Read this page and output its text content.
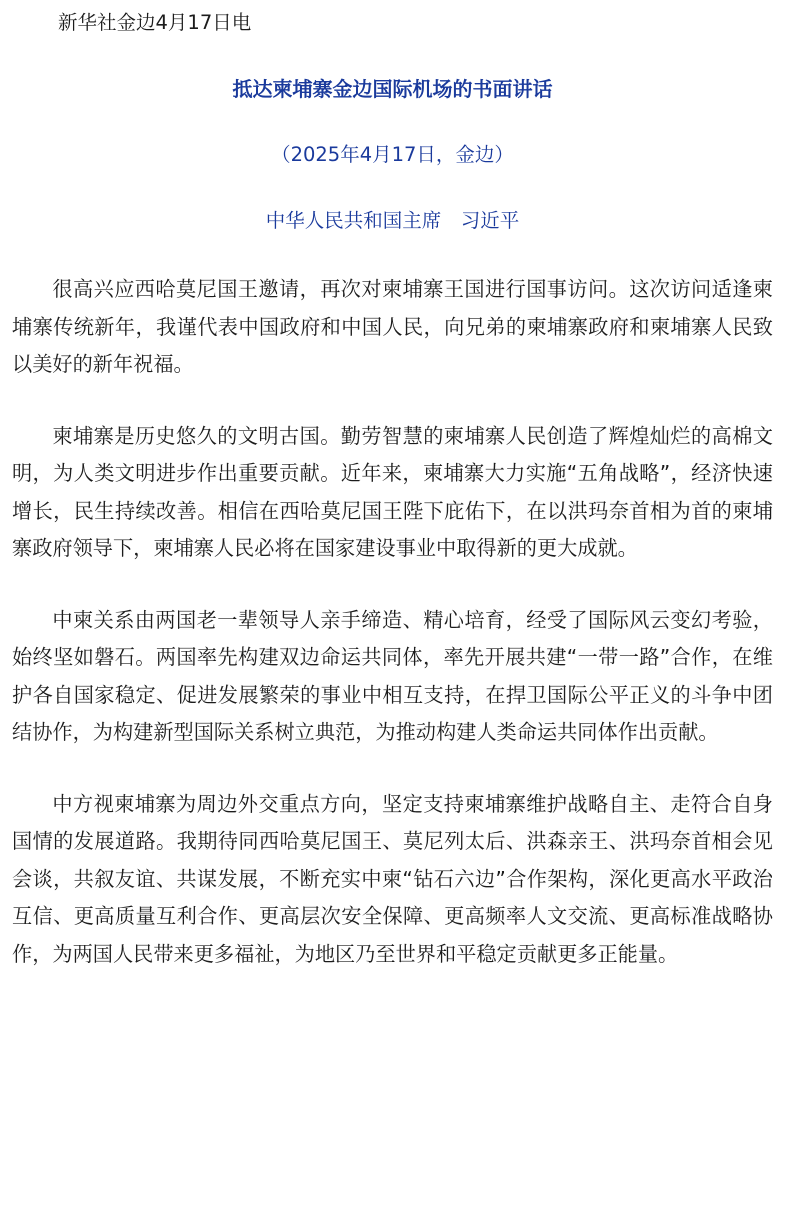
新华社金边4月17日电

抵达柬埔寨金边国际机场的书面讲话

（2025年4月17日，金边）

中华人民共和国主席　习近平

很高兴应西哈莫尼国王邀请，再次对柬埔寨王国进行国事访问。这次访问适逢柬埔寨传统新年，我谨代表中国政府和中国人民，向兄弟的柬埔寨政府和柬埔寨人民致以美好的新年祝福。

柬埔寨是历史悠久的文明古国。勤劳智慧的柬埔寨人民创造了辉煌灿烂的高棉文明，为人类文明进步作出重要贡献。近年来，柬埔寨大力实施“五角战略”，经济快速增长，民生持续改善。相信在西哈莫尼国王陛下庇佑下，在以洪玛奈首相为首的柬埔寨政府领导下，柬埔寨人民必将在国家建设事业中取得新的更大成就。

中柬关系由两国老一辈领导人亲手缔造、精心培育，经受了国际风云变幻考验，始终坚如磐石。两国率先构建双边命运共同体，率先开展共建“一带一路”合作，在维护各自国家稳定、促进发展繁荣的事业中相互支持，在捍卫国际公平正义的斗争中团结协作，为构建新型国际关系树立典范，为推动构建人类命运共同体作出贡献。

中方视柬埔寨为周边外交重点方向，坚定支持柬埔寨维护战略自主、走符合自身国情的发展道路。我期待同西哈莫尼国王、莫尼列太后、洪森亲王、洪玛奈首相会见会谈，共叙友谊、共谋发展，不断充实中柬“钻石六边”合作架构，深化更高水平政治互信、更高质量互利合作、更高层次安全保障、更高频率人文交流、更高标准战略协作，为两国人民带来更多福祉，为地区乃至世界和平稳定贡献更多正能量。
